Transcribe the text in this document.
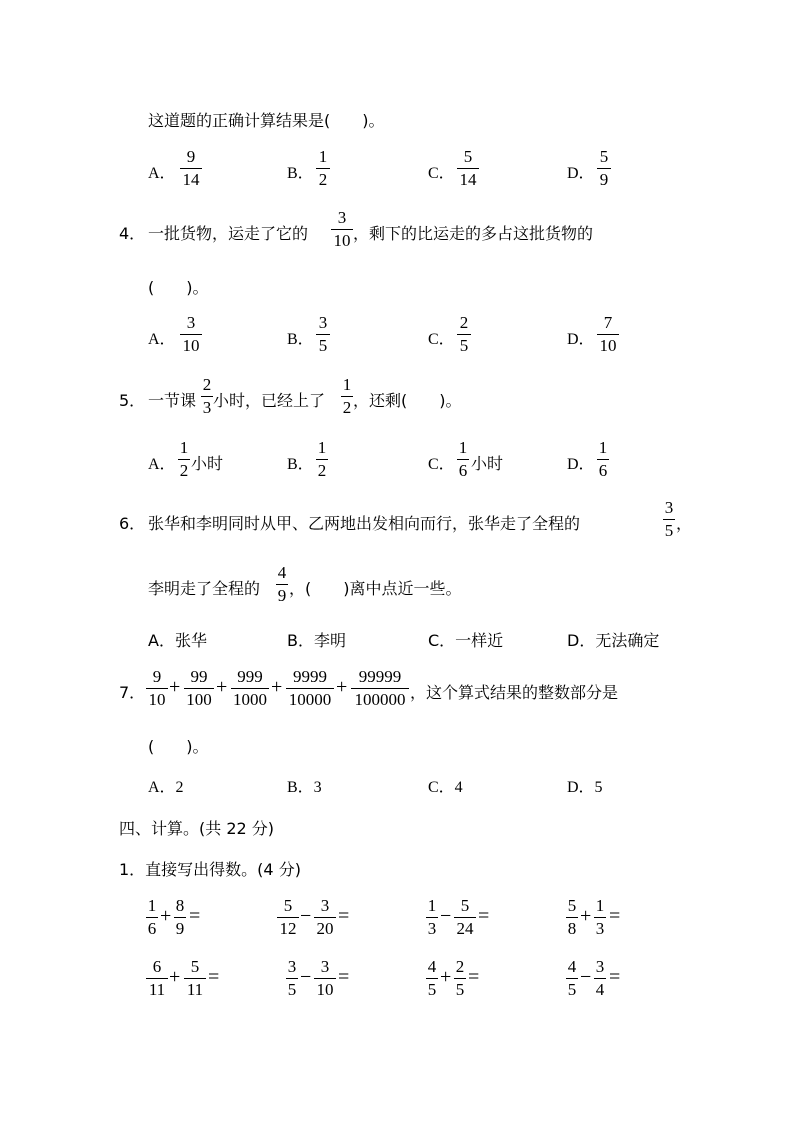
这道题的正确计算结果是(　　)。
A．
9
14	B．
1
2	C．
5
14	D．
5
9
4． 一批货物，运走了它的
3
10 ，剩下的比运走的多占这批货物的
(　　)。
A．
3
10	B．
3
5	C．
2
5	D．
7
10
5． 一节课
2
3 小时，已经上了
1
2 ，还剩(　　)。
A．
1
2 小时	B．
1
2	C．
1
6 小时	D．
1
6
6． 张华和李明同时从甲、乙两地出发相向而行，张华走了全程的
3
5 ，
李明走了全程的
4
9 ，(　　)离中点近一些。
A．张华	B．李明	C．一样近	D．无法确定
7．
9
10
+ 99
100
+ 999
1000
+ 9999
10000
+ 99999
100000 ，这个算式结果的整数部分是
(　　)。
A．2	B．3	C．4	D．5
四、计算。(共 22 分)
1．直接写出得数。(4 分)
1
6
+ 8
9
=	5
12
− 3
20
=	1
3
− 5
24
=	5
8
+ 1
3
=
6
11
+ 5
11
=	3
5
− 3
10
=	4
5
+ 2
5
=	4
5
− 3
4
=
